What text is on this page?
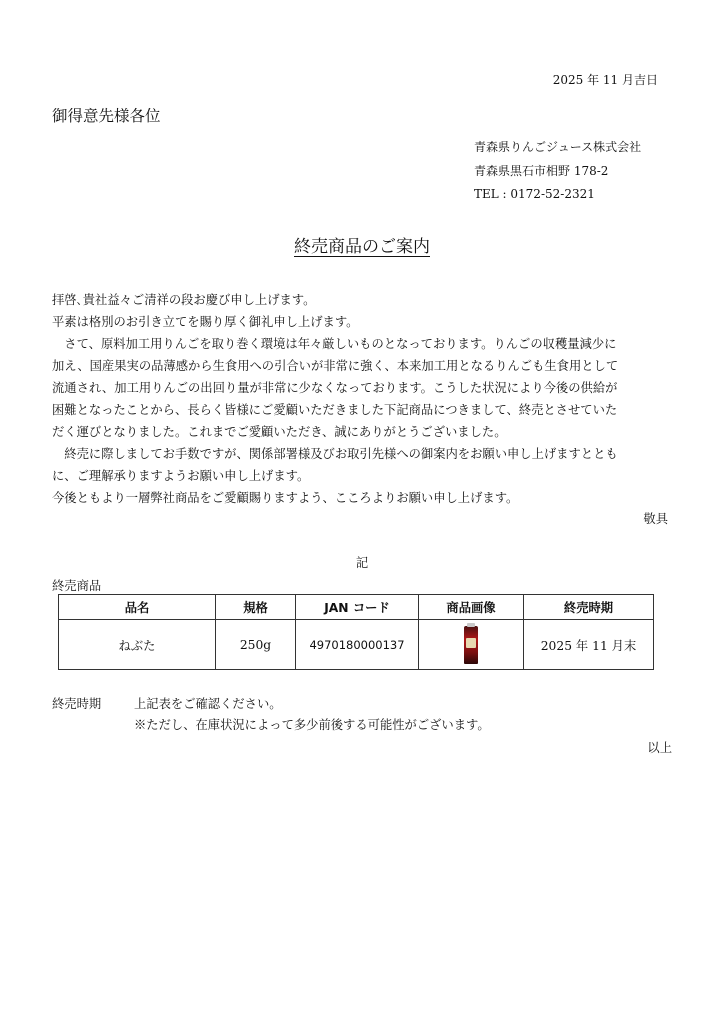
2025 年 11 月吉日
御得意先様各位
青森県りんごジュース株式会社
青森県黒石市相野 178-2
TEL : 0172-52-2321
終売商品のご案内

拝啓､貴社益々ご清祥の段お慶び申し上げます。

平素は格別のお引き立てを賜り厚く御礼申し上げます。

さて、原料加工用りんごを取り巻く環境は年々厳しいものとなっております。りんごの収穫量減少に

加え、国産果実の品薄感から生食用への引合いが非常に強く、本来加工用となるりんごも生食用として

流通され、加工用りんごの出回り量が非常に少なくなっております。こうした状況により今後の供給が

困難となったことから、長らく皆様にご愛顧いただきました下記商品につきまして、終売とさせていた

だく運びとなりました。これまでご愛顧いただき、誠にありがとうございました。

終売に際しましてお手数ですが、関係部署様及びお取引先様への御案内をお願い申し上げますととも

に、ご理解承りますようお願い申し上げます。

今後ともより一層弊社商品をご愛顧賜りますよう、こころよりお願い申し上げます。

敬具
記
終売商品
品名	規格	JAN コード	商品画像	終売時期
ねぶた	250g	4970180000137		2025 年 11 月末
終売時期	上記表をご確認ください。
※ただし、在庫状況によって多少前後する可能性がございます。
以上
